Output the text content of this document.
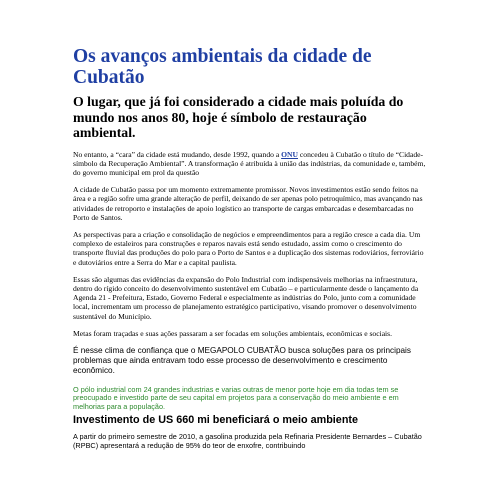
Os avanços ambientais da cidade de Cubatão
O lugar, que já foi considerado a cidade mais poluída do mundo nos anos 80, hoje é símbolo de restauração ambiental.

No entanto, a “cara” da cidade está mudando, desde 1992, quando a ONU concedeu à Cubatão o título de “Cidade-símbolo da Recuperação Ambiental”. A transformação é atribuída à união das indústrias, da comunidade e, também, do governo municipal em prol da questão

A cidade de Cubatão passa por um momento extremamente promissor. Novos investimentos estão sendo feitos na área e a região sofre uma grande alteração de perfil, deixando de ser apenas polo petroquímico, mas avançando nas atividades de retroporto e instalações de apoio logístico ao transporte de cargas embarcadas e desembarcadas no Porto de Santos.

As perspectivas para a criação e consolidação de negócios e empreendimentos para a região cresce a cada dia. Um complexo de estaleiros para construções e reparos navais está sendo estudado, assim como o crescimento do transporte fluvial das produções do polo para o Porto de Santos e a duplicação dos sistemas rodoviários, ferroviário e dutoviários entre a Serra do Mar e a capital paulista.

Essas são algumas das evidências da expansão do Polo Industrial com indispensáveis melhorias na infraestrutura, dentro do rígido conceito do desenvolvimento sustentável em Cubatão – e particularmente desde o lançamento da Agenda 21 - Prefeitura, Estado, Governo Federal e especialmente as indústrias do Polo, junto com a comunidade local, incrementam um processo de planejamento estratégico participativo, visando promover o desenvolvimento sustentável do Município.

Metas foram traçadas e suas ações passaram a ser focadas em soluções ambientais, econômicas e sociais.

É nesse clima de confiança que o MEGAPOLO CUBATÃO busca soluções para os principais problemas que ainda entravam todo esse processo de desenvolvimento e crescimento econômico.

O pólo industrial com 24 grandes industrias e varias outras de menor porte hoje em dia todas tem se preocupado e investido parte de seu capital em projetos para a conservação do meio ambiente e em melhorias para a população.

Investimento de US 660 mi beneficiará o meio ambiente

A partir do primeiro semestre de 2010, a gasolina produzida pela Refinaria Presidente Bernardes – Cubatão (RPBC) apresentará a redução de 95% do teor de enxofre, contribuindo
